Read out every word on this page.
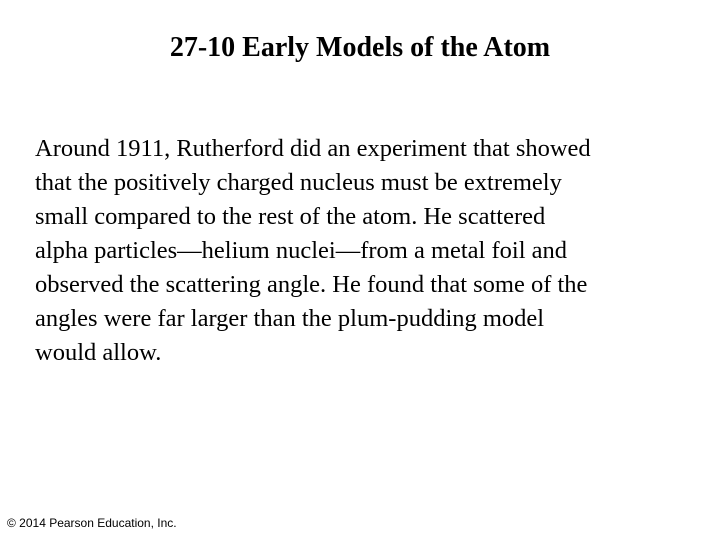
27-10 Early Models of the Atom
Around 1911, Rutherford did an experiment that showed
that the positively charged nucleus must be extremely
small compared to the rest of the atom. He scattered
alpha particles—helium nuclei—from a metal foil and
observed the scattering angle. He found that some of the
angles were far larger than the plum-pudding model
would allow.
© 2014 Pearson Education, Inc.
